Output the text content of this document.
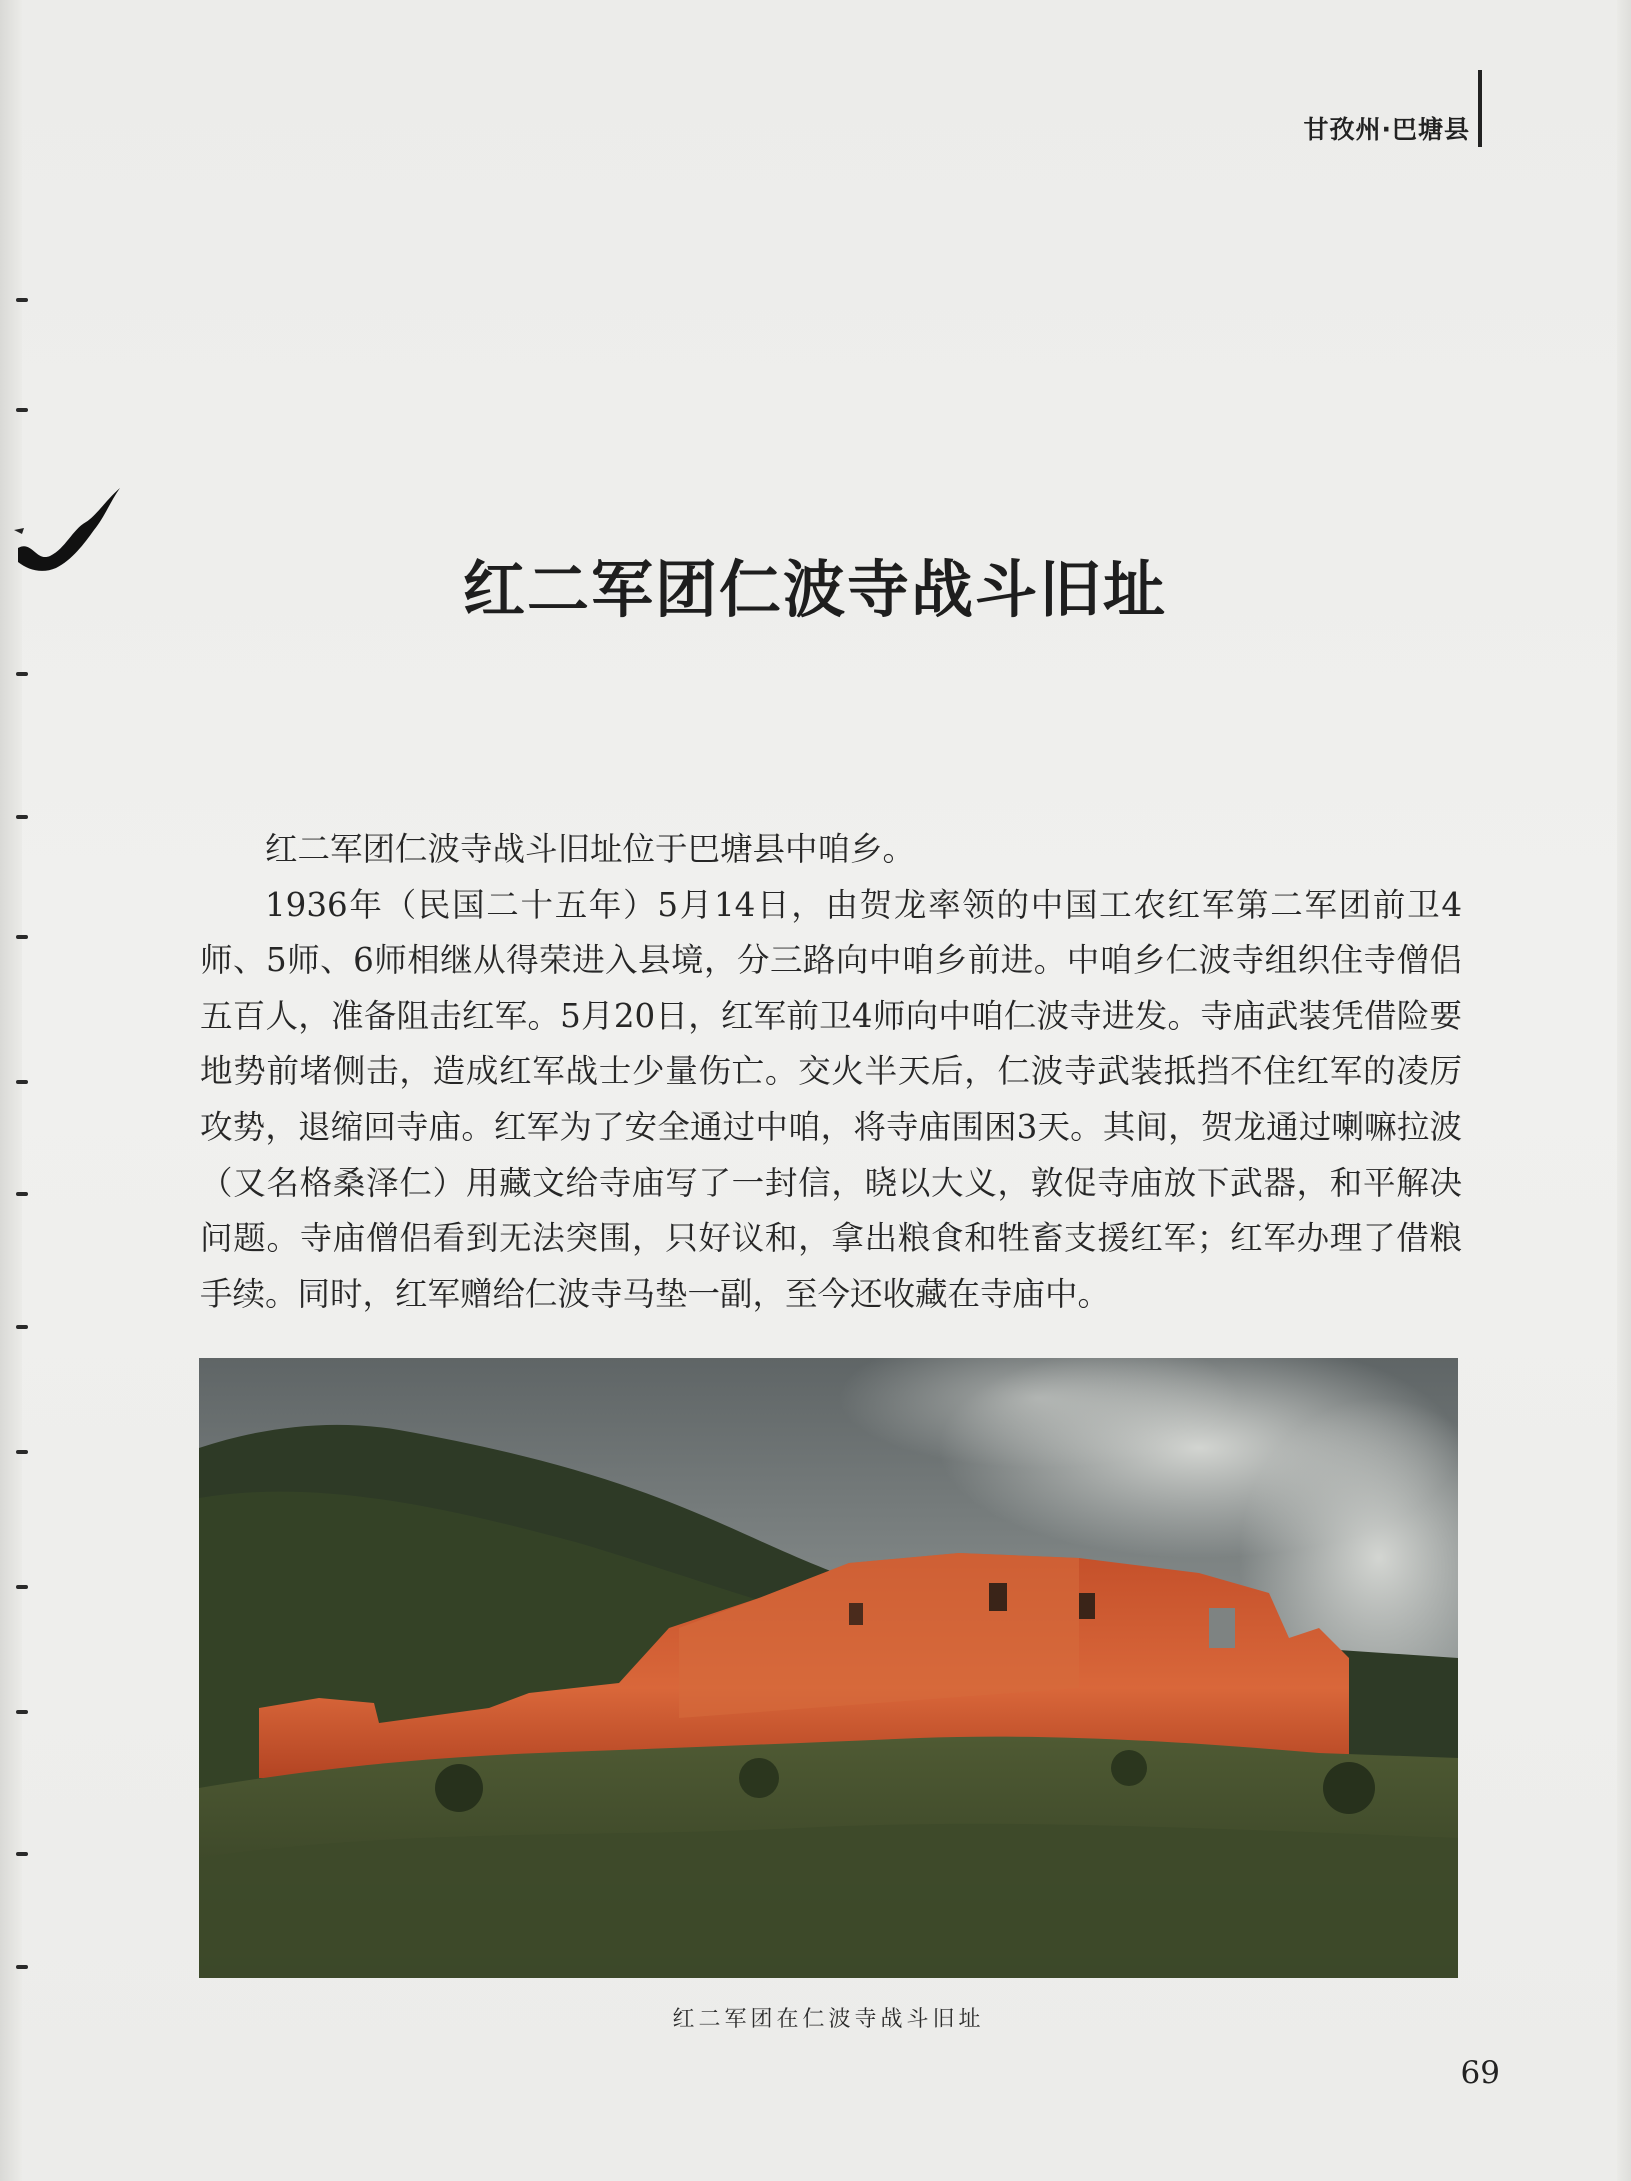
甘孜州·巴塘县
红二军团仁波寺战斗旧址

红二军团仁波寺战斗旧址位于巴塘县中咱乡。

1936年（民国二十五年）5月14日，由贺龙率领的中国工农红军第二军团前卫4师、5师、6师相继从得荣进入县境，分三路向中咱乡前进。中咱乡仁波寺组织住寺僧侣五百人，准备阻击红军。5月20日，红军前卫4师向中咱仁波寺进发。寺庙武装凭借险要地势前堵侧击，造成红军战士少量伤亡。交火半天后，仁波寺武装抵挡不住红军的凌厉攻势，退缩回寺庙。红军为了安全通过中咱，将寺庙围困3天。其间，贺龙通过喇嘛拉波（又名格桑泽仁）用藏文给寺庙写了一封信，晓以大义，敦促寺庙放下武器，和平解决问题。寺庙僧侣看到无法突围，只好议和，拿出粮食和牲畜支援红军；红军办理了借粮手续。同时，红军赠给仁波寺马垫一副，至今还收藏在寺庙中。

红二军团在仁波寺战斗旧址
69
